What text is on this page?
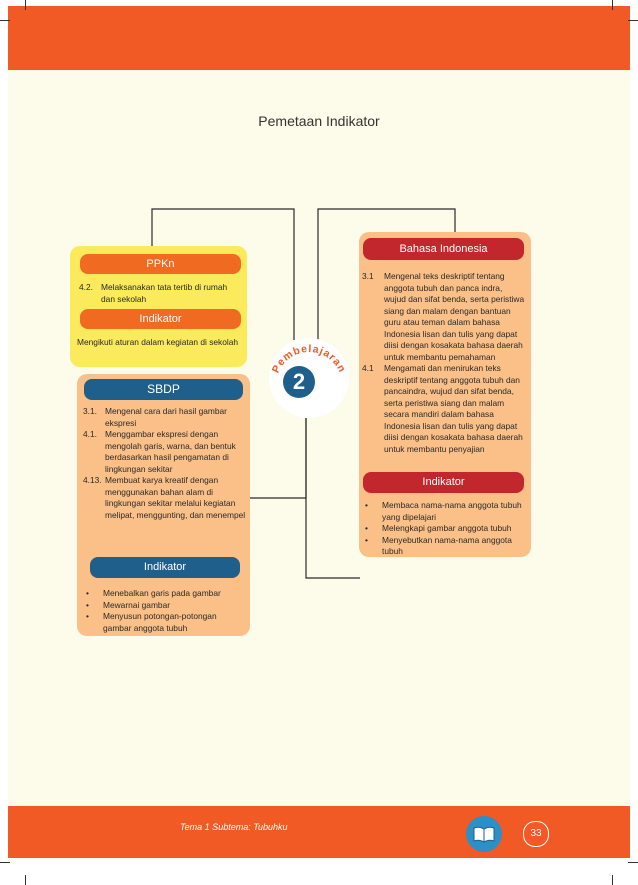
Pemetaan Indikator
PPKn
4.2. Melaksanakan tata tertib di rumah dan sekolah
Indikator
Mengikuti aturan dalam kegiatan di sekolah
SBDP
3.1. Mengenal cara dari hasil gambar ekspresi
4.1. Menggambar ekspresi dengan mengolah garis, warna, dan bentuk berdasarkan hasil pengamatan di lingkungan sekitar
4.13. Membuat karya kreatif dengan menggunakan bahan alam di lingkungan sekitar melalui kegiatan melipat, menggunting, dan menempel
Indikator
• Menebalkan garis pada gambar
• Mewarnai gambar
• Menyusun potongan-potongan gambar anggota tubuh
Bahasa Indonesia
3.1 Mengenal teks deskriptif tentang anggota tubuh dan panca indra, wujud dan sifat benda, serta peristiwa siang dan malam dengan bantuan guru atau teman dalam bahasa Indonesia lisan dan tulis yang dapat diisi dengan kosakata bahasa daerah untuk membantu pemahaman
4.1 Mengamati dan menirukan teks deskriptif tentang anggota tubuh dan pancaindra, wujud dan sifat benda, serta peristiwa siang dan malam secara mandiri dalam bahasa Indonesia lisan dan tulis yang dapat diisi dengan kosakata bahasa daerah untuk membantu penyajian
Indikator
• Membaca nama-nama anggota tubuh yang dipelajari
• Melengkapi gambar anggota tubuh
• Menyebutkan nama-nama anggota tubuh
Pembelajaran
2
Tema 1 Subtema: Tubuhku
33
